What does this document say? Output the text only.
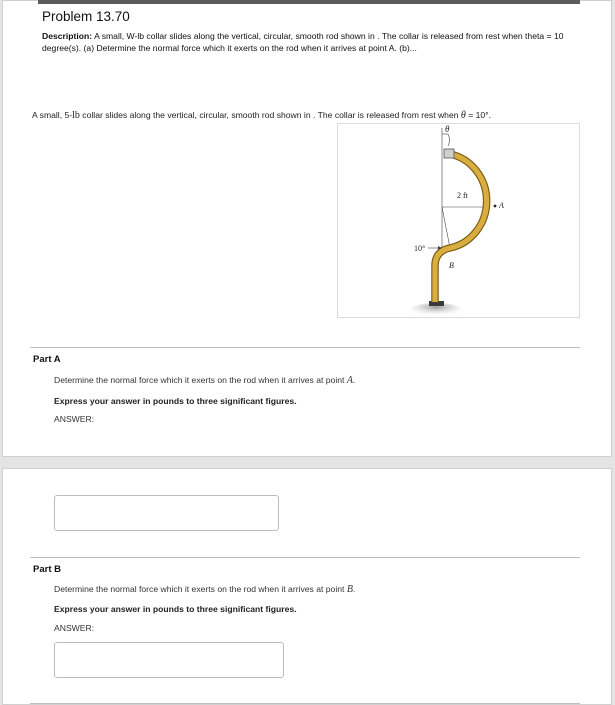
Problem 13.70
Description: A small, W-lb collar slides along the vertical, circular, smooth rod shown in . The collar is released from rest when theta = 10 degree(s). (a) Determine the normal force which it exerts on the rod when it arrives at point A. (b)...
A small, 5-lb collar slides along the vertical, circular, smooth rod shown in . The collar is released from rest when θ = 10°.
θ
2 ft
A
B
10°
Part A
Determine the normal force which it exerts on the rod when it arrives at point A.
Express your answer in pounds to three significant figures.
ANSWER:
Part B
Determine the normal force which it exerts on the rod when it arrives at point B.
Express your answer in pounds to three significant figures.
ANSWER:
